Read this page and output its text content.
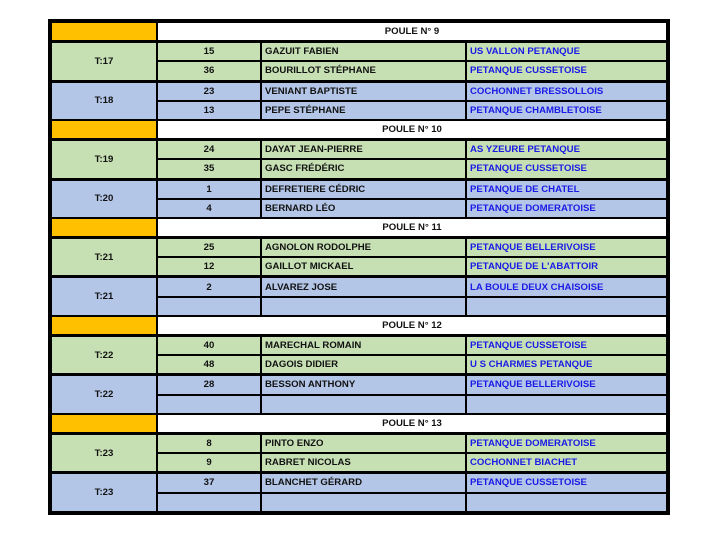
	POULE N° 9		
T:17	15	GAZUIT FABIEN	US VALLON PETANQUE
	36	BOURILLOT STÉPHANE	PETANQUE CUSSETOISE
T:18	23	VENIANT BAPTISTE	COCHONNET BRESSOLLOIS
	13	PEPE STÉPHANE	PETANQUE CHAMBLETOISE
	POULE N° 10		
T:19	24	DAYAT JEAN-PIERRE	AS YZEURE PETANQUE
	35	GASC FRÉDÉRIC	PETANQUE CUSSETOISE
T:20	1	DEFRETIERE CÉDRIC	PETANQUE DE CHATEL
	4	BERNARD LÉO	PETANQUE DOMERATOISE
	POULE N° 11		
T:21	25	AGNOLON RODOLPHE	PETANQUE BELLERIVOISE
	12	GAILLOT MICKAEL	PETANQUE DE L'ABATTOIR
T:21	2	ALVAREZ JOSE	LA BOULE DEUX CHAISOISE

	POULE N° 12		
T:22	40	MARECHAL ROMAIN	PETANQUE CUSSETOISE
	48	DAGOIS DIDIER	U S CHARMES PETANQUE
T:22	28	BESSON ANTHONY	PETANQUE BELLERIVOISE

	POULE N° 13		
T:23	8	PINTO ENZO	PETANQUE DOMERATOISE
	9	RABRET NICOLAS	COCHONNET BIACHET
T:23	37	BLANCHET GÉRARD	PETANQUE CUSSETOISE
